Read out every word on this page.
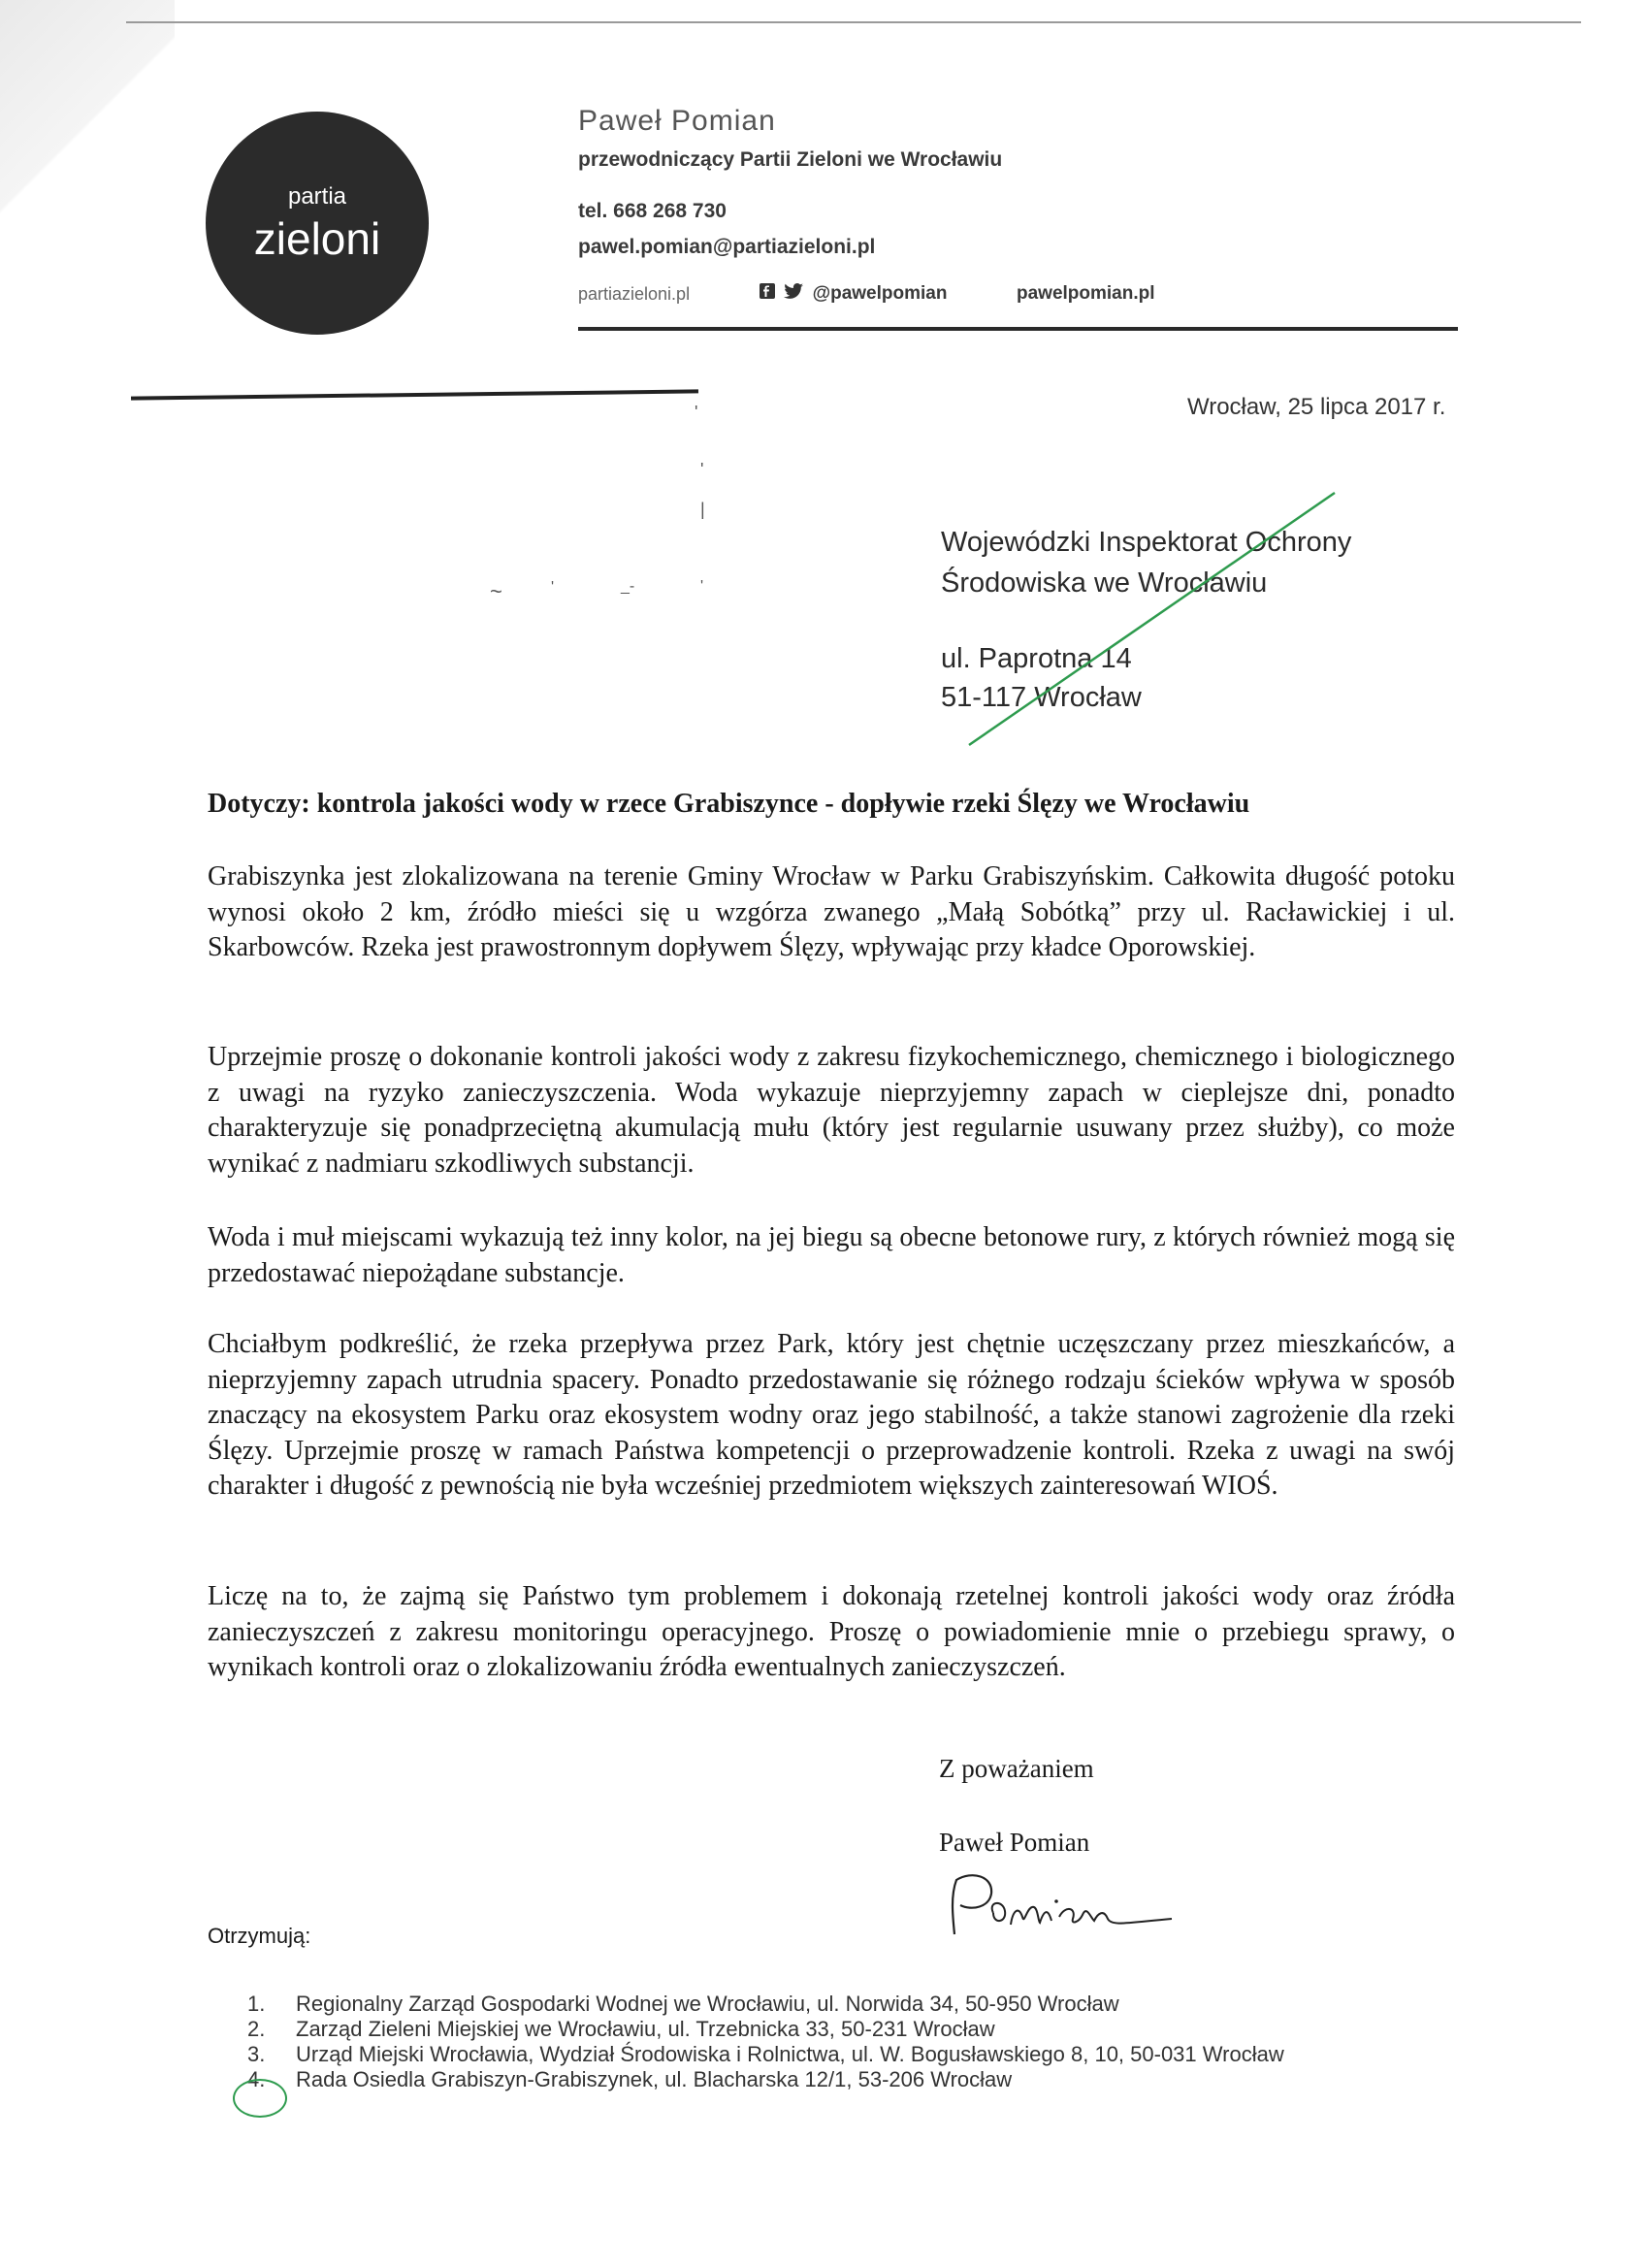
partia
zieloni
Paweł Pomian
przewodniczący Partii Zieloni we Wrocławiu
tel. 668 268 730
pawel.pomian@partiazieloni.pl
partiazieloni.pl	@pawelpomian	pawelpomian.pl
'
'
|
~	'	_-	'
Wrocław, 25 lipca 2017 r.
Wojewódzki Inspektorat Ochrony
Środowiska we Wrocławiu
ul. Paprotna 14
51-117 Wrocław
Dotyczy: kontrola jakości wody w rzece Grabiszynce - dopływie rzeki Ślęzy we Wrocławiu
Grabiszynka jest zlokalizowana na terenie Gminy Wrocław w Parku Grabiszyńskim. Całkowita długość potoku wynosi około 2 km, źródło mieści się u wzgórza zwanego „Małą Sobótką” przy ul. Racławickiej i ul. Skarbowców. Rzeka jest prawostronnym dopływem Ślęzy, wpływając przy kładce Oporowskiej.
Uprzejmie proszę o dokonanie kontroli jakości wody z zakresu fizykochemicznego, chemicznego i biologicznego z uwagi na ryzyko zanieczyszczenia. Woda wykazuje nieprzyjemny zapach w cieplejsze dni, ponadto charakteryzuje się ponadprzeciętną akumulacją mułu (który jest regularnie usuwany przez służby), co może wynikać z nadmiaru szkodliwych substancji.
Woda i muł miejscami wykazują też inny kolor, na jej biegu są obecne betonowe rury, z których również mogą się przedostawać niepożądane substancje.
Chciałbym podkreślić, że rzeka przepływa przez Park, który jest chętnie uczęszczany przez mieszkańców, a nieprzyjemny zapach utrudnia spacery. Ponadto przedostawanie się różnego rodzaju ścieków wpływa w sposób znaczący na ekosystem Parku oraz ekosystem wodny oraz jego stabilność, a także stanowi zagrożenie dla rzeki Ślęzy. Uprzejmie proszę w ramach Państwa kompetencji o przeprowadzenie kontroli. Rzeka z uwagi na swój charakter i długość z pewnością nie była wcześniej przedmiotem większych zainteresowań WIOŚ.
Liczę na to, że zajmą się Państwo tym problemem i dokonają rzetelnej kontroli jakości wody oraz źródła zanieczyszczeń z zakresu monitoringu operacyjnego. Proszę o powiadomienie mnie o przebiegu sprawy, o wynikach kontroli oraz o zlokalizowaniu źródła ewentualnych zanieczyszczeń.
Z poważaniem
Paweł Pomian
Otrzymują:
1.	Regionalny Zarząd Gospodarki Wodnej we Wrocławiu, ul. Norwida 34, 50-950 Wrocław
2.	Zarząd Zieleni Miejskiej we Wrocławiu, ul. Trzebnicka 33, 50-231 Wrocław
3.	Urząd Miejski Wrocławia, Wydział Środowiska i Rolnictwa, ul. W. Bogusławskiego 8, 10, 50-031 Wrocław
4.	Rada Osiedla Grabiszyn-Grabiszynek, ul. Blacharska 12/1, 53-206 Wrocław
